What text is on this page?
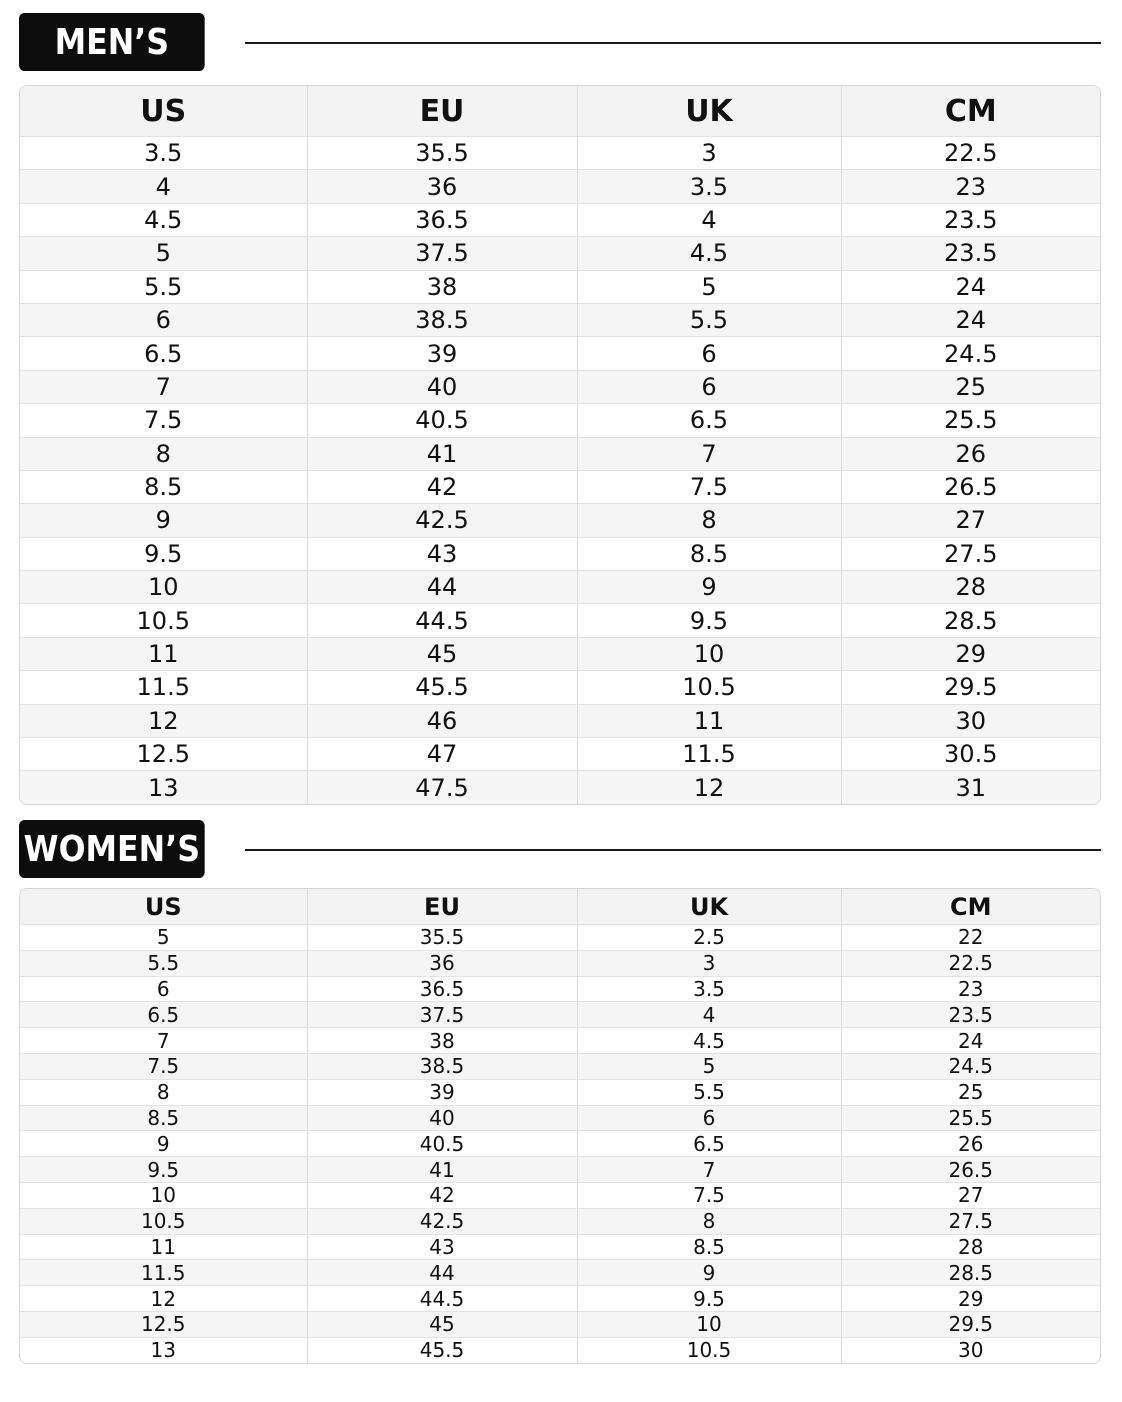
MEN’S
US	EU	UK	CM
3.5	35.5	3	22.5
4	36	3.5	23
4.5	36.5	4	23.5
5	37.5	4.5	23.5
5.5	38	5	24
6	38.5	5.5	24
6.5	39	6	24.5
7	40	6	25
7.5	40.5	6.5	25.5
8	41	7	26
8.5	42	7.5	26.5
9	42.5	8	27
9.5	43	8.5	27.5
10	44	9	28
10.5	44.5	9.5	28.5
11	45	10	29
11.5	45.5	10.5	29.5
12	46	11	30
12.5	47	11.5	30.5
13	47.5	12	31
WOMEN’S
US	EU	UK	CM
5	35.5	2.5	22
5.5	36	3	22.5
6	36.5	3.5	23
6.5	37.5	4	23.5
7	38	4.5	24
7.5	38.5	5	24.5
8	39	5.5	25
8.5	40	6	25.5
9	40.5	6.5	26
9.5	41	7	26.5
10	42	7.5	27
10.5	42.5	8	27.5
11	43	8.5	28
11.5	44	9	28.5
12	44.5	9.5	29
12.5	45	10	29.5
13	45.5	10.5	30
